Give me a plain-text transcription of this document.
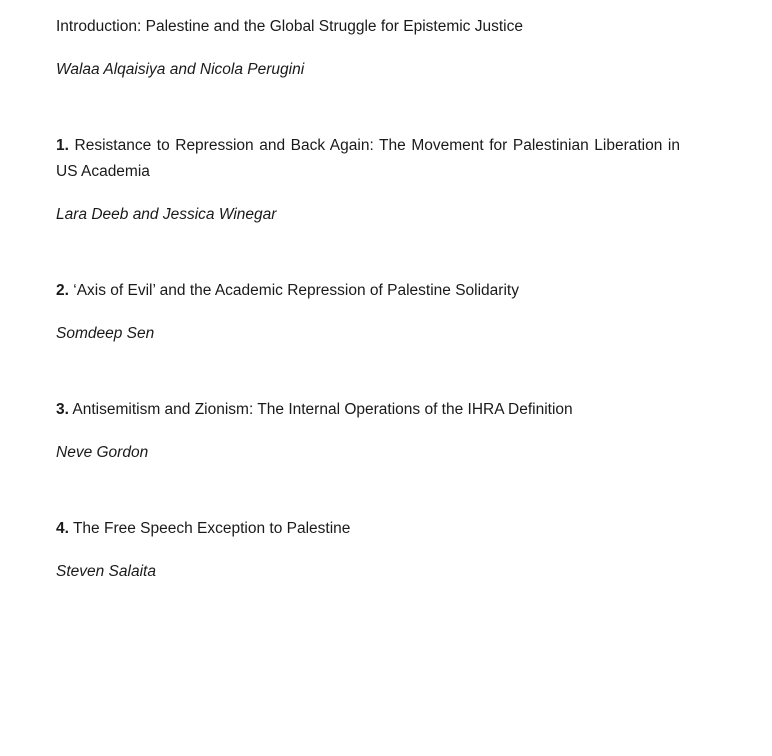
Introduction: Palestine and the Global Struggle for Epistemic Justice

Walaa Alqaisiya and Nicola Perugini

1. Resistance to Repression and Back Again: The Movement for Palestinian Liberation in US Academia

Lara Deeb and Jessica Winegar

2. ‘Axis of Evil’ and the Academic Repression of Palestine Solidarity

Somdeep Sen

3. Antisemitism and Zionism: The Internal Operations of the IHRA Definition

Neve Gordon

4. The Free Speech Exception to Palestine

Steven Salaita
